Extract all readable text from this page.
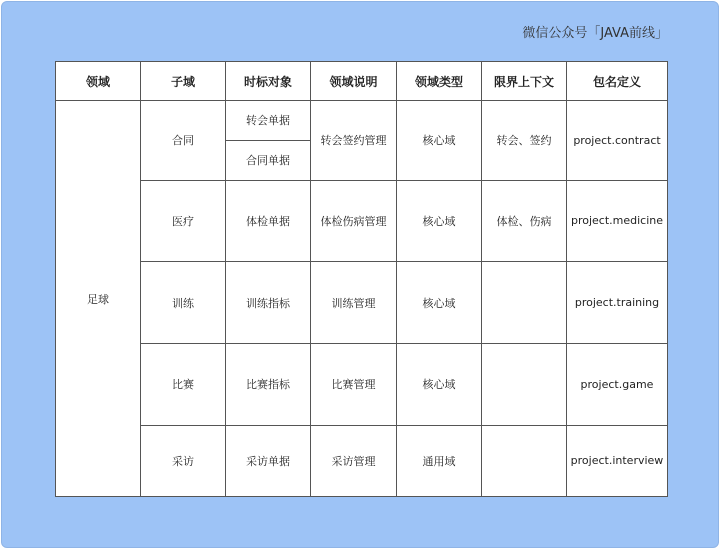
微信公众号「JAVA前线」
领域	子域	时标对象	领域说明	领域类型	限界上下文	包名定义
足球	合同	转会单据	转会签约管理	核心域	转会、签约	project.contract
		合同单据				
	医疗	体检单据	体检伤病管理	核心域	体检、伤病	project.medicine
	训练	训练指标	训练管理	核心域		project.training
	比赛	比赛指标	比赛管理	核心域		project.game
	采访	采访单据	采访管理	通用域		project.interview
